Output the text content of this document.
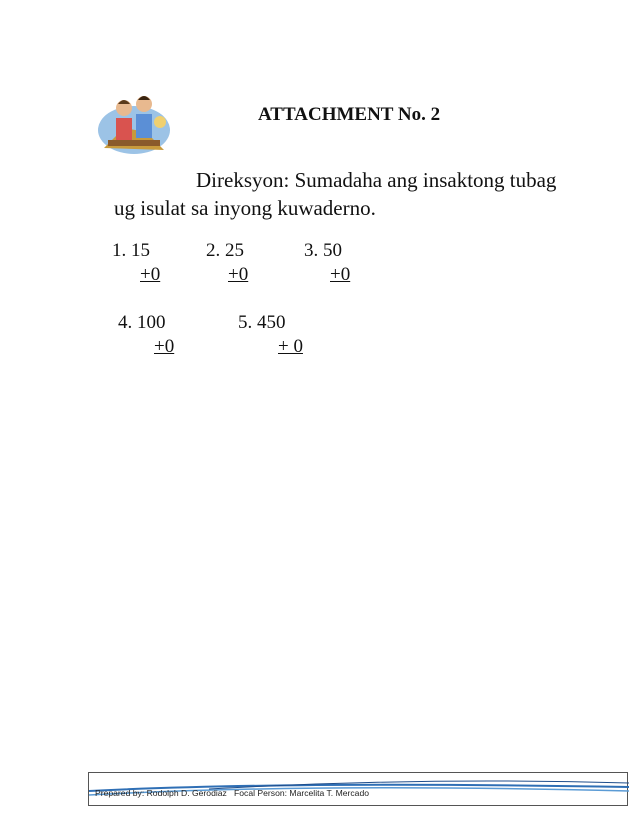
ATTACHMENT No. 2
Direksyon: Sumadaha ang insaktong tubag
ug isulat sa inyong kuwaderno.
1. 15
+0
2. 25
+0
3. 50
+0
4. 100
+0
5. 450
+ 0
Prepared by: Rodolph D. Gerodiaz   Focal Person: Marcelita T. Mercado
